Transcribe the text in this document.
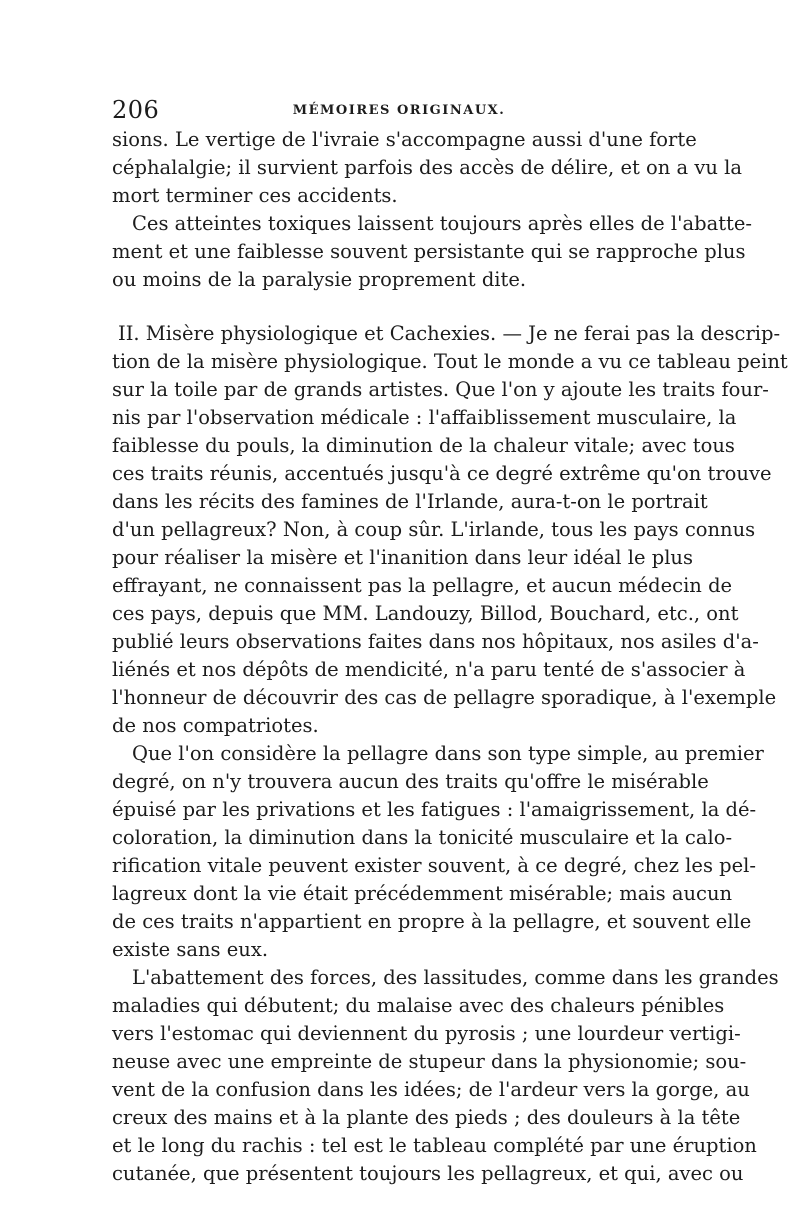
206	MÉMOIRES ORIGINAUX.
sions. Le vertige de l'ivraie s'accompagne aussi d'une forte
céphalalgie; il survient parfois des accès de délire, et on a vu la
mort terminer ces accidents.
Ces atteintes toxiques laissent toujours après elles de l'abatte-
ment et une faiblesse souvent persistante qui se rapproche plus
ou moins de la paralysie proprement dite.
II. Misère physiologique et Cachexies. — Je ne ferai pas la descrip-
tion de la misère physiologique. Tout le monde a vu ce tableau peint
sur la toile par de grands artistes. Que l'on y ajoute les traits four-
nis par l'observation médicale : l'affaiblissement musculaire, la
faiblesse du pouls, la diminution de la chaleur vitale; avec tous
ces traits réunis, accentués jusqu'à ce degré extrême qu'on trouve
dans les récits des famines de l'Irlande, aura-t-on le portrait
d'un pellagreux? Non, à coup sûr. L'irlande, tous les pays connus
pour réaliser la misère et l'inanition dans leur idéal le plus
effrayant, ne connaissent pas la pellagre, et aucun médecin de
ces pays, depuis que MM. Landouzy, Billod, Bouchard, etc., ont
publié leurs observations faites dans nos hôpitaux, nos asiles d'a-
liénés et nos dépôts de mendicité, n'a paru tenté de s'associer à
l'honneur de découvrir des cas de pellagre sporadique, à l'exemple
de nos compatriotes.
Que l'on considère la pellagre dans son type simple, au premier
degré, on n'y trouvera aucun des traits qu'offre le misérable
épuisé par les privations et les fatigues : l'amaigrissement, la dé-
coloration, la diminution dans la tonicité musculaire et la calo-
rification vitale peuvent exister souvent, à ce degré, chez les pel-
lagreux dont la vie était précédemment misérable; mais aucun
de ces traits n'appartient en propre à la pellagre, et souvent elle
existe sans eux.
L'abattement des forces, des lassitudes, comme dans les grandes
maladies qui débutent; du malaise avec des chaleurs pénibles
vers l'estomac qui deviennent du pyrosis ; une lourdeur vertigi-
neuse avec une empreinte de stupeur dans la physionomie; sou-
vent de la confusion dans les idées; de l'ardeur vers la gorge, au
creux des mains et à la plante des pieds ; des douleurs à la tête
et le long du rachis : tel est le tableau complété par une éruption
cutanée, que présentent toujours les pellagreux, et qui, avec ou
